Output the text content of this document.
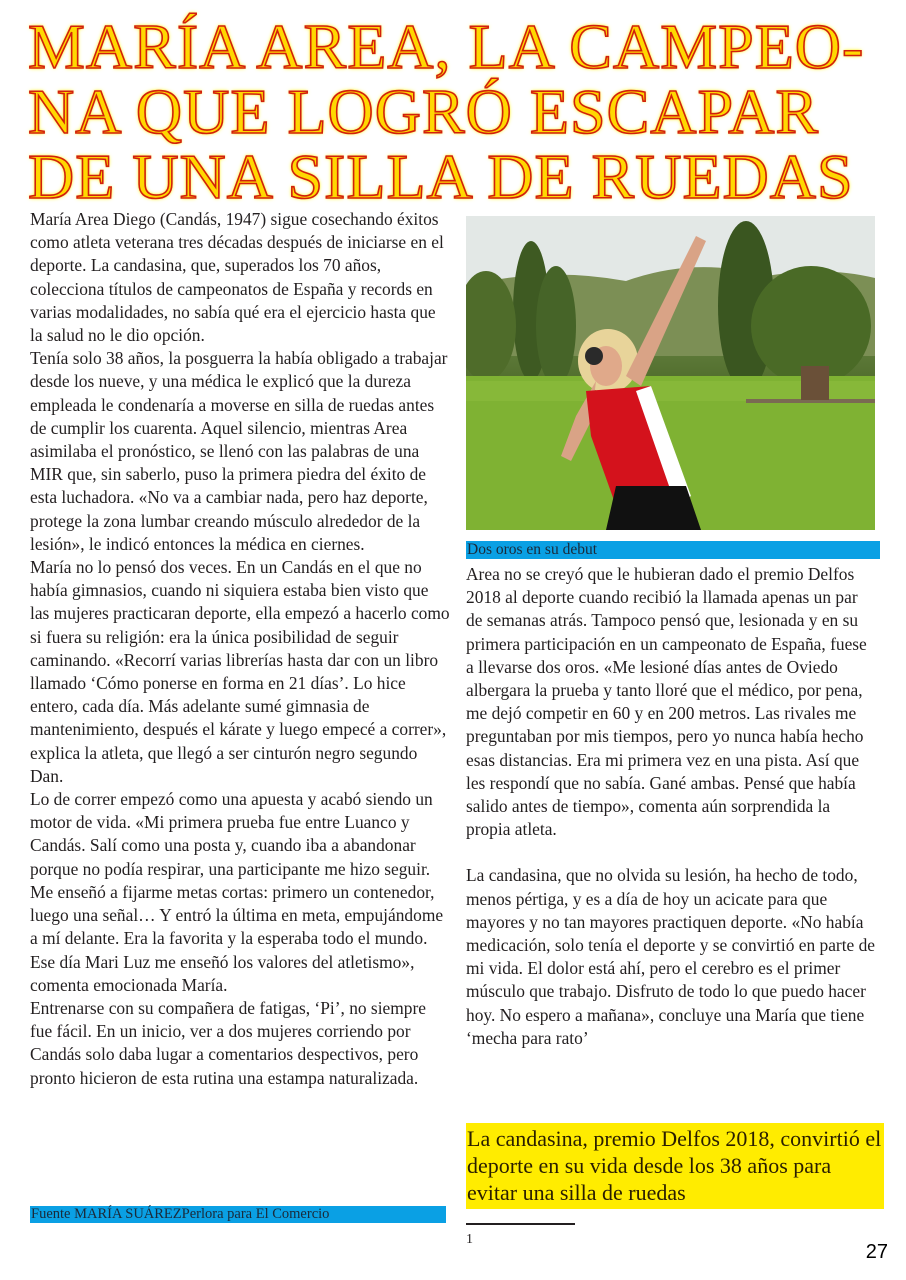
MARÍA AREA, LA CAMPEO-
NA QUE LOGRÓ ESCAPAR
DE UNA SILLA DE RUEDAS

María Area Diego (Candás, 1947) sigue cosechando éxitos como atleta veterana tres décadas después de iniciarse en el deporte. La candasina, que, superados los 70 años, colecciona títulos de campeonatos de España y records en varias modalidades, no sabía qué era el ejercicio hasta que la salud no le dio opción.

Tenía solo 38 años, la posguerra la había obligado a trabajar desde los nueve, y una médica le explicó que la dureza empleada le condenaría a moverse en silla de ruedas antes de cumplir los cuarenta. Aquel silencio, mientras Area asimilaba el pronóstico, se llenó con las palabras de una MIR que, sin saberlo, puso la primera piedra del éxito de esta luchadora. «No va a cambiar nada, pero haz deporte, protege la zona lumbar creando músculo alrededor de la lesión», le indicó entonces la médica en ciernes.

María no lo pensó dos veces. En un Candás en el que no había gimnasios, cuando ni siquiera estaba bien visto que las mujeres practicaran deporte, ella empezó a hacerlo como si fuera su religión: era la única posibilidad de seguir caminando. «Recorrí varias librerías hasta dar con un libro llamado ‘Cómo ponerse en forma en 21 días’. Lo hice entero, cada día. Más adelante sumé gimnasia de mantenimiento, después el kárate y luego empecé a correr», explica la atleta, que llegó a ser cinturón negro segundo Dan.

Lo de correr empezó como una apuesta y acabó siendo un motor de vida. «Mi primera prueba fue entre Luanco y Candás. Salí como una posta y, cuando iba a abandonar porque no podía respirar, una participante me hizo seguir. Me enseñó a fijarme metas cortas: primero un contenedor, luego una señal… Y entró la última en meta, empujándome a mí delante. Era la favorita y la esperaba todo el mundo. Ese día Mari Luz me enseñó los valores del atletismo», comenta emocionada María.

Entrenarse con su compañera de fatigas, ‘Pi’, no siempre fue fácil. En un inicio, ver a dos mujeres corriendo por Candás solo daba lugar a comentarios despectivos, pero pronto hicieron de esta rutina una estampa naturalizada.

Fuente MARÍA SUÁREZPerlora para El Comercio
Dos oros en su debut

Area no se creyó que le hubieran dado el premio Delfos 2018 al deporte cuando recibió la llamada apenas un par de semanas atrás. Tampoco pensó que, lesionada y en su primera participación en un campeonato de España, fuese a llevarse dos oros. «Me lesioné días antes de Oviedo albergara la prueba y tanto lloré que el médico, por pena, me dejó competir en 60 y en 200 metros. Las rivales me preguntaban por mis tiempos, pero yo nunca había hecho esas distancias. Era mi primera vez en una pista. Así que les respondí que no sabía. Gané ambas. Pensé que había salido antes de tiempo», comenta aún sorprendida la propia atleta.

La candasina, que no olvida su lesión, ha hecho de todo, menos pértiga, y es a día de hoy un acicate para que mayores y no tan mayores practiquen deporte. «No había medicación, solo tenía el deporte y se convirtió en parte de mi vida. El dolor está ahí, pero el cerebro es el primer músculo que trabajo. Disfruto de todo lo que puedo hacer hoy. No espero a mañana», concluye una María que tiene ‘mecha para rato’

La candasina, premio Delfos 2018, convirtió el deporte en su vida desde los 38 años para evitar una silla de ruedas
1
27
